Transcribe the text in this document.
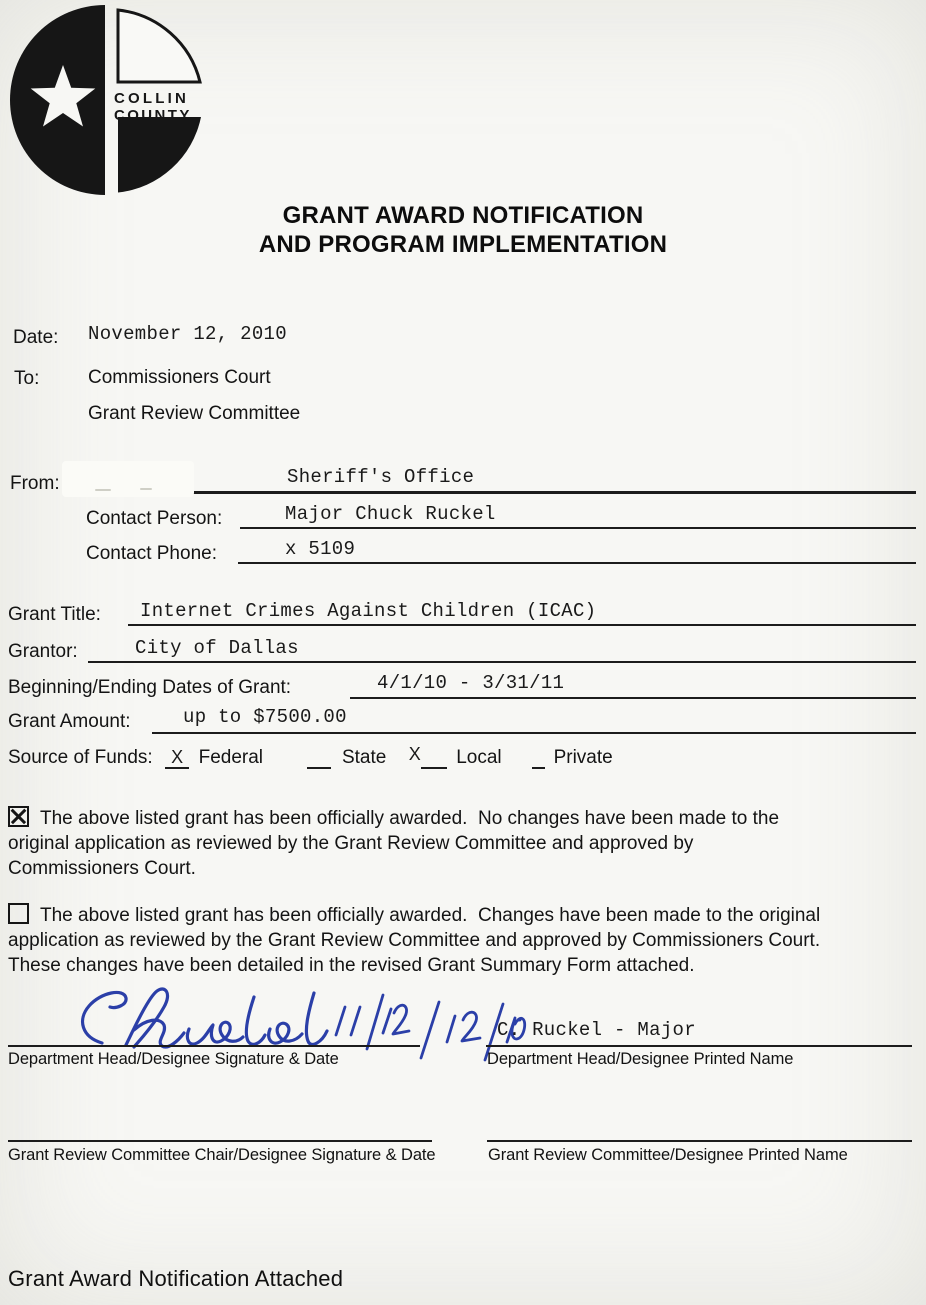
COLLIN
COUNTY
GRANT AWARD NOTIFICATION
AND PROGRAM IMPLEMENTATION
Date: November 12, 2010
To:	Commissioners Court
Grant Review Committee
From:	Sheriff's Office
Contact Person:	Major Chuck Ruckel
Contact Phone:	x 5109
Grant Title: Internet Crimes Against Children (ICAC)
Grantor:	City of Dallas
Beginning/Ending Dates of Grant:	4/1/10 - 3/31/11
Grant Amount:	up to $7500.00
Source of Funds: X Federal	State X Local	Private
The above listed grant has been officially awarded.  No changes have been made to the
original application as reviewed by the Grant Review Committee and approved by
Commissioners Court.
The above listed grant has been officially awarded.  Changes have been made to the original
application as reviewed by the Grant Review Committee and approved by Commissioners Court.
These changes have been detailed in the revised Grant Summary Form attached.
Department Head/Designee Signature & Date
C. Ruckel - Major
Department Head/Designee Printed Name
Grant Review Committee Chair/Designee Signature & Date	Grant Review Committee/Designee Printed Name
Grant Award Notification Attached
